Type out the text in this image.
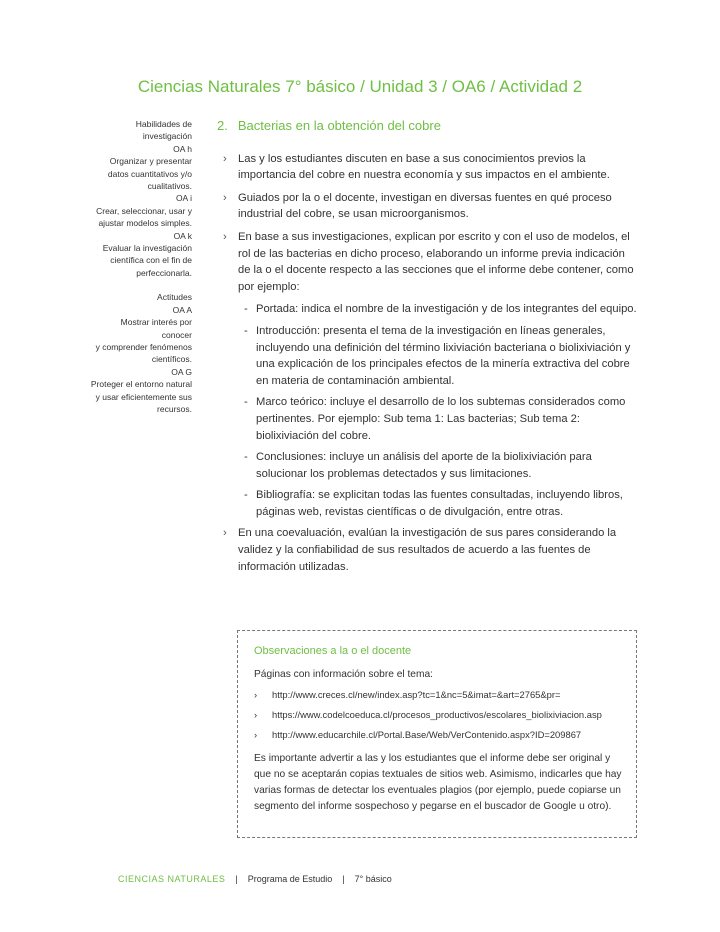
Ciencias Naturales 7° básico / Unidad 3 / OA6 / Actividad 2
Habilidades de
investigación
OA h
Organizar y presentar
datos cuantitativos y/o
cualitativos.
OA i
Crear, seleccionar, usar y
ajustar modelos simples.
OA k
Evaluar la investigación
científica con el fin de
perfeccionarla.
Actitudes
OA A
Mostrar interés por conocer
y comprender fenómenos
científicos.
OA G
Proteger el entorno natural
y usar eficientemente sus
recursos.
2. Bacterias en la obtención del cobre
› Las y los estudiantes discuten en base a sus conocimientos previos la importancia del cobre en nuestra economía y sus impactos en el ambiente.
› Guiados por la o el docente, investigan en diversas fuentes en qué proceso industrial del cobre, se usan microorganismos.
› En base a sus investigaciones, explican por escrito y con el uso de modelos, el rol de las bacterias en dicho proceso, elaborando un informe previa indicación de la o el docente respecto a las secciones que el informe debe contener, como por ejemplo:
- Portada: indica el nombre de la investigación y de los integrantes del equipo.
- Introducción: presenta el tema de la investigación en líneas generales, incluyendo una definición del término lixiviación bacteriana o biolixiviación y una explicación de los principales efectos de la minería extractiva del cobre en materia de contaminación ambiental.
- Marco teórico: incluye el desarrollo de lo los subtemas considerados como pertinentes. Por ejemplo: Sub tema 1: Las bacterias; Sub tema 2: biolixiviación del cobre.
- Conclusiones: incluye un análisis del aporte de la biolixiviación para solucionar los problemas detectados y sus limitaciones.
- Bibliografía: se explicitan todas las fuentes consultadas, incluyendo libros, páginas web, revistas científicas o de divulgación, entre otras.
› En una coevaluación, evalúan la investigación de sus pares considerando la validez y la confiabilidad de sus resultados de acuerdo a las fuentes de información utilizadas.
Observaciones a la o el docente

Páginas con información sobre el tema:

› http://www.creces.cl/new/index.asp?tc=1&nc=5&imat=&art=2765&pr=
› https://www.codelcoeduca.cl/procesos_productivos/escolares_biolixiviacion.asp
› http://www.educarchile.cl/Portal.Base/Web/VerContenido.aspx?ID=209867

Es importante advertir a las y los estudiantes que el informe debe ser original y que no se aceptarán copias textuales de sitios web. Asimismo, indicarles que hay varias formas de detectar los eventuales plagios (por ejemplo, puede copiarse un segmento del informe sospechoso y pegarse en el buscador de Google u otro).

CIENCIAS NATURALES | Programa de Estudio | 7° básico
